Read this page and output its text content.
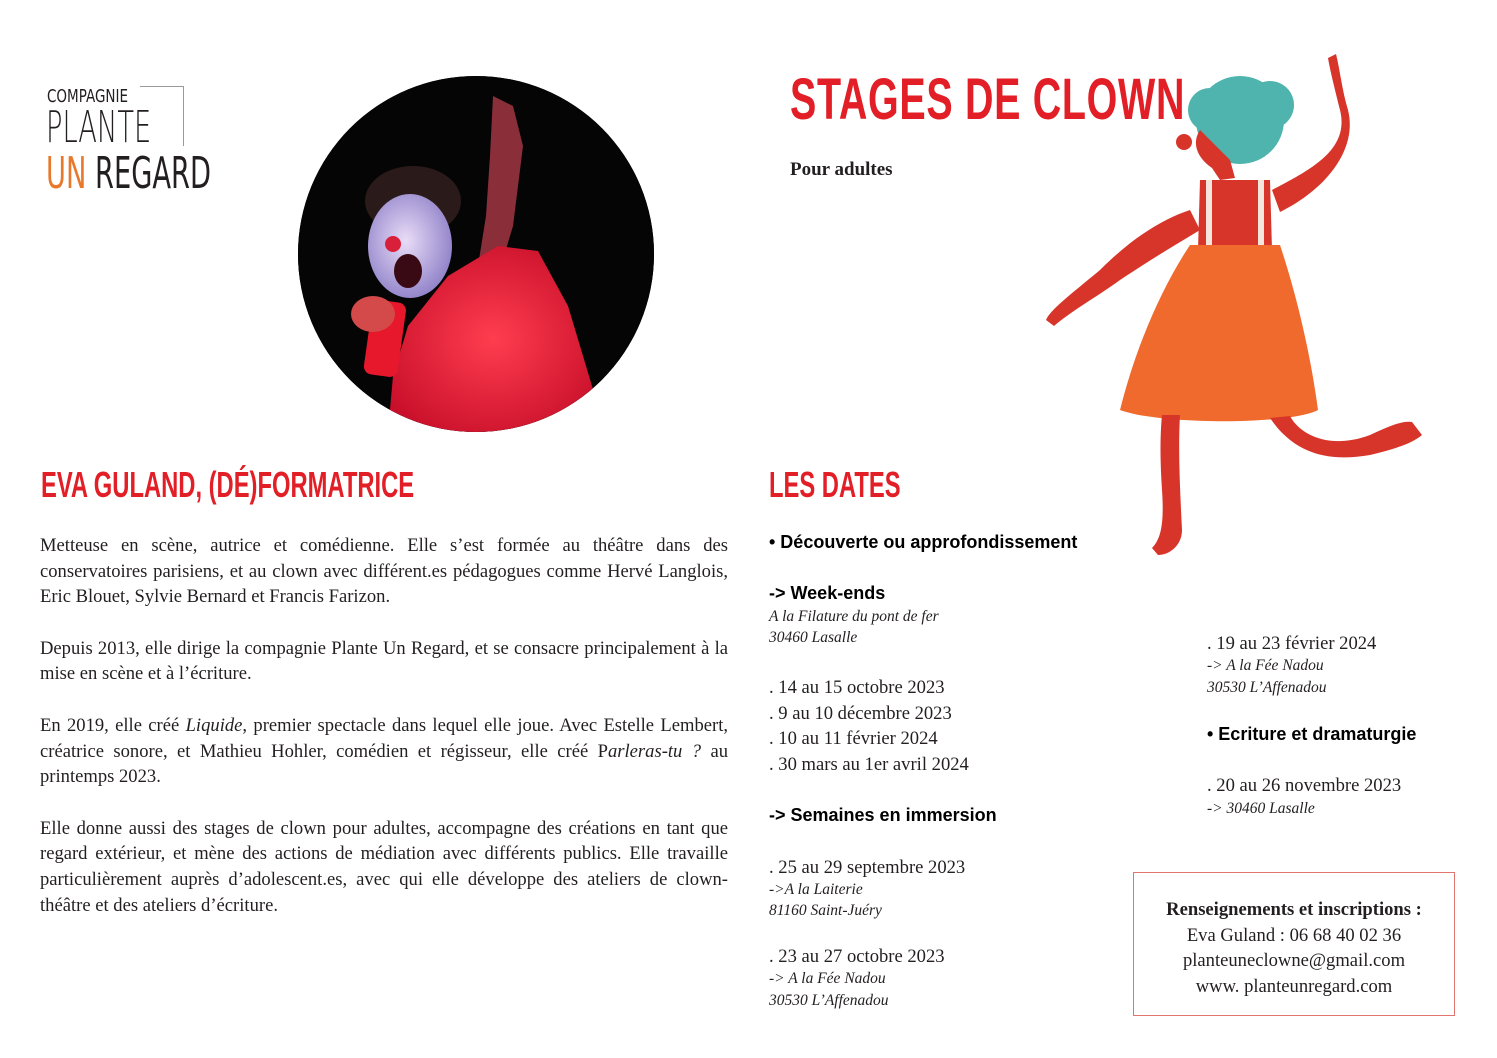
COMPAGNIE
PLANTE
UN REGARD
STAGES DE CLOWN
Pour adultes
EVA GULAND, (DÉ)FORMATRICE

Metteuse en scène, autrice et comédienne. Elle s’est formée au théâtre dans des conservatoires parisiens, et au clown avec différent.es pédagogues comme Hervé Langlois, Eric Blouet, Sylvie Bernard et Francis Farizon.

Depuis 2013, elle dirige la compagnie Plante Un Regard, et se consacre principalement à la mise en scène et à l’écriture.

En 2019, elle créé Liquide, premier spectacle dans lequel elle joue. Avec Estelle Lembert, créatrice sonore, et Mathieu Hohler, comédien et régisseur, elle créé Parleras-tu ? au printemps 2023.

Elle donne aussi des stages de clown pour adultes, accompagne des créations en tant que regard extérieur, et mène des actions de médiation avec différents publics. Elle travaille particulièrement auprès d’adolescent.es, avec qui elle développe des ateliers de clown-théâtre et des ateliers d’écriture.

LES DATES
• Découverte ou approfondissement
-> Week-ends
A la Filature du pont de fer
30460 Lasalle
. 14 au 15 octobre 2023
. 9 au 10 décembre 2023
. 10 au 11 février 2024
. 30 mars au 1er avril 2024
-> Semaines en immersion
. 25 au 29 septembre 2023
->A la Laiterie
81160 Saint-Juéry
. 23 au 27 octobre 2023
-> A la Fée Nadou
30530 L’Affenadou
. 19 au 23 février 2024
-> A la Fée Nadou
30530 L’Affenadou
• Ecriture et dramaturgie
. 20 au 26 novembre 2023
-> 30460 Lasalle
Renseignements et inscriptions :
Eva Guland : 06 68 40 02 36
planteuneclowne@gmail.com
www. planteunregard.com
